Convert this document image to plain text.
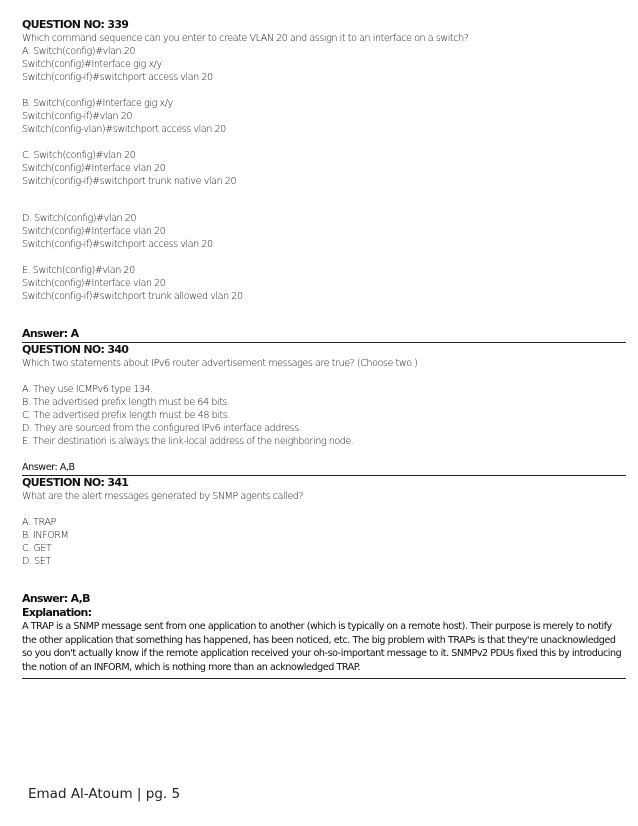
QUESTION NO: 339

Which command sequence can you enter to create VLAN 20 and assign it to an interface on a switch?

A. Switch(config)#vlan 20

Switch(config)#Interface gig x/y

Switch(config-if)#switchport access vlan 20

B. Switch(config)#Interface gig x/y

Switch(config-if)#vlan 20

Switch(config-vlan)#switchport access vlan 20

C. Switch(config)#vlan 20

Switch(config)#Interface vlan 20

Switch(config-if)#switchport trunk native vlan 20

D. Switch(config)#vlan 20

Switch(config)#Interface vlan 20

Switch(config-if)#switchport access vlan 20

E. Switch(config)#vlan 20

Switch(config)#Interface vlan 20

Switch(config-if)#switchport trunk allowed vlan 20

Answer: A

QUESTION NO: 340

Which two statements about IPv6 router advertisement messages are true? (Choose two.)

A. They use ICMPv6 type 134.

B. The advertised prefix length must be 64 bits.

C. The advertised prefix length must be 48 bits.

D. They are sourced from the configured IPv6 interface address.

E. Their destination is always the link-local address of the neighboring node.

Answer: A,B

QUESTION NO: 341

What are the alert messages generated by SNMP agents called?

A. TRAP

B. INFORM

C. GET

D. SET

Answer: A,B

Explanation:

A TRAP is a SNMP message sent from one application to another (which is typically on a remote host). Their purpose is merely to notify the other application that something has happened, has been noticed, etc. The big problem with TRAPs is that they're unacknowledged so you don't actually know if the remote application received your oh-so-important message to it. SNMPv2 PDUs fixed this by introducing the notion of an INFORM, which is nothing more than an acknowledged TRAP.

Emad Al-Atoum | pg. 5
